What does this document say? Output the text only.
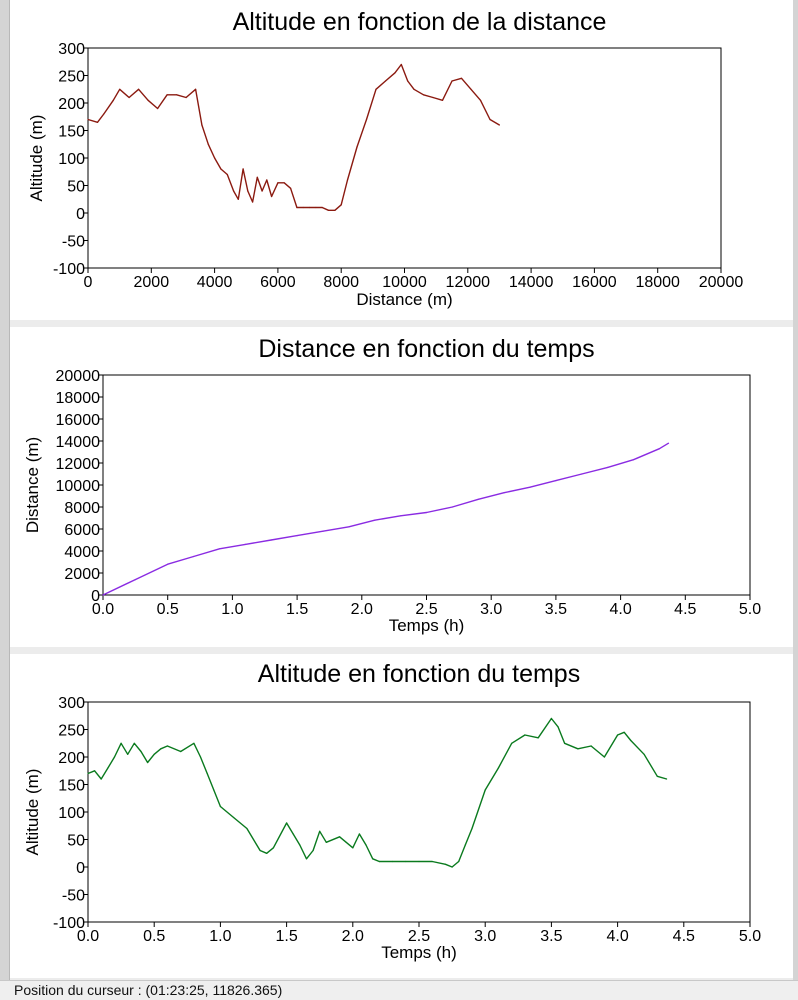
Altitude en fonction de la distance
-100
-50
0
50
100
150
200
250
300
0	2000 4000 6000 8000 10000 12000 14000 16000 18000 20000
Distance (m)
Altitude (m)
Distance en fonction du temps
0
2000
4000
6000
8000
10000
12000
14000
16000
18000
20000
0.0	0.5	1.0	1.5	2.0	2.5	3.0	3.5	4.0	4.5	5.0
Temps (h)
Distance (m)
Altitude en fonction du temps
-100
-50
0
50
100
150
200
250
300
0.0	0.5	1.0	1.5	2.0	2.5	3.0	3.5	4.0	4.5	5.0
Temps (h)
Altitude (m)
Position du curseur : (01:23:25, 11826.365)
